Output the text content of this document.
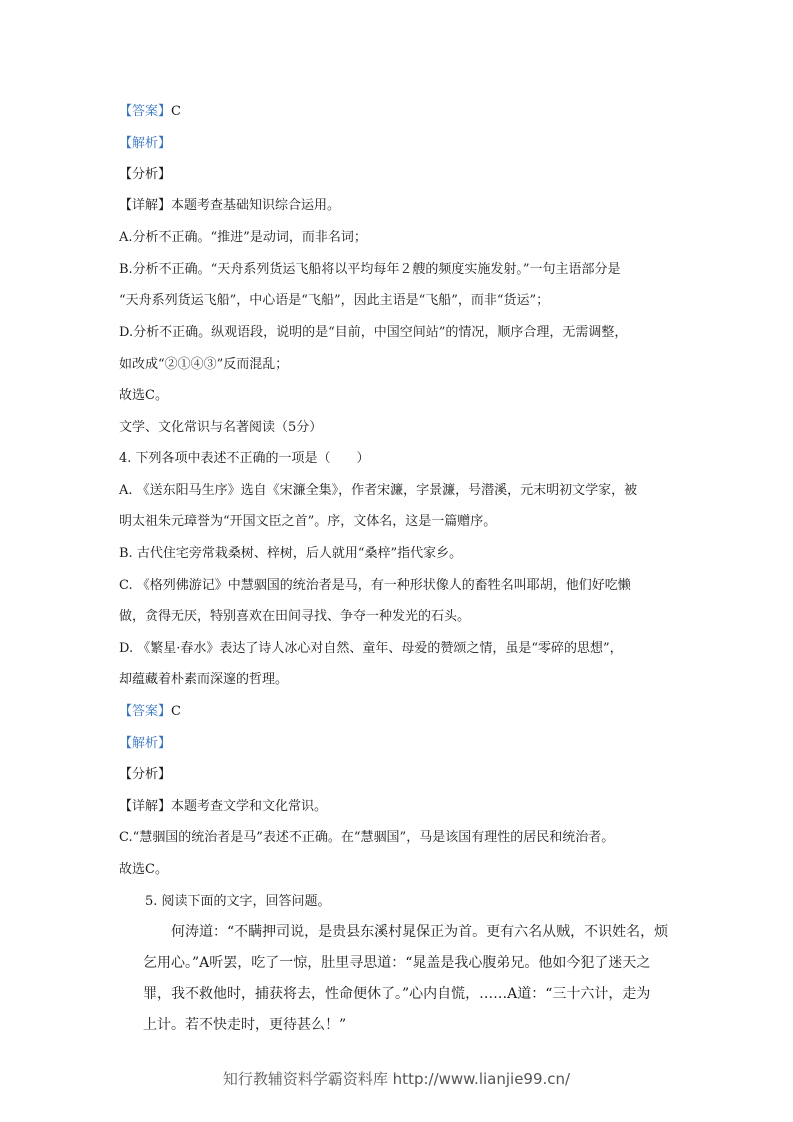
【答案】C
【解析】
【分析】
【详解】本题考查基础知识综合运用。
A.分析不正确。“推进”是动词，而非名词；
B.分析不正确。“天舟系列货运飞船将以平均每年２艘的频度实施发射。”一句主语部分是
“天舟系列货运飞船”，中心语是“飞船”，因此主语是“飞船”，而非“货运”；
D.分析不正确。纵观语段，说明的是“目前，中国空间站”的情况，顺序合理，无需调整，
如改成“②①④③”反而混乱；
故选C。
文学、文化常识与名著阅读（5分）
4. 下列各项中表述不正确的一项是（　　）
A. 《送东阳马生序》选自《宋濂全集》，作者宋濂，字景濂，号潜溪，元末明初文学家，被
明太祖朱元璋誉为“开国文臣之首”。序，文体名，这是一篇赠序。
B. 古代住宅旁常栽桑树、梓树，后人就用“桑梓”指代家乡。
C. 《格列佛游记》中慧骃国的统治者是马，有一种形状像人的畜牲名叫耶胡，他们好吃懒
做，贪得无厌，特别喜欢在田间寻找、争夺一种发光的石头。
D. 《繁星·春水》表达了诗人冰心对自然、童年、母爱的赞颂之情，虽是“零碎的思想”，
却蕴藏着朴素而深邃的哲理。
【答案】C
【解析】
【分析】
【详解】本题考查文学和文化常识。
C.“慧骃国的统治者是马”表述不正确。在“慧骃国”，马是该国有理性的居民和统治者。
故选C。
5. 阅读下面的文字，回答问题。
何涛道：“不瞒押司说，是贵县东溪村晁保正为首。更有六名从贼，不识姓名，烦
乞用心。”A听罢，吃了一惊，肚里寻思道：“晁盖是我心腹弟兄。他如今犯了迷天之
罪，我不救他时，捕获将去，性命便休了。”心内自慌，……A道：“三十六计，走为
上计。若不快走时，更待甚么！”
知行教辅资料学霸资料库 http://www.lianjie99.cn/
